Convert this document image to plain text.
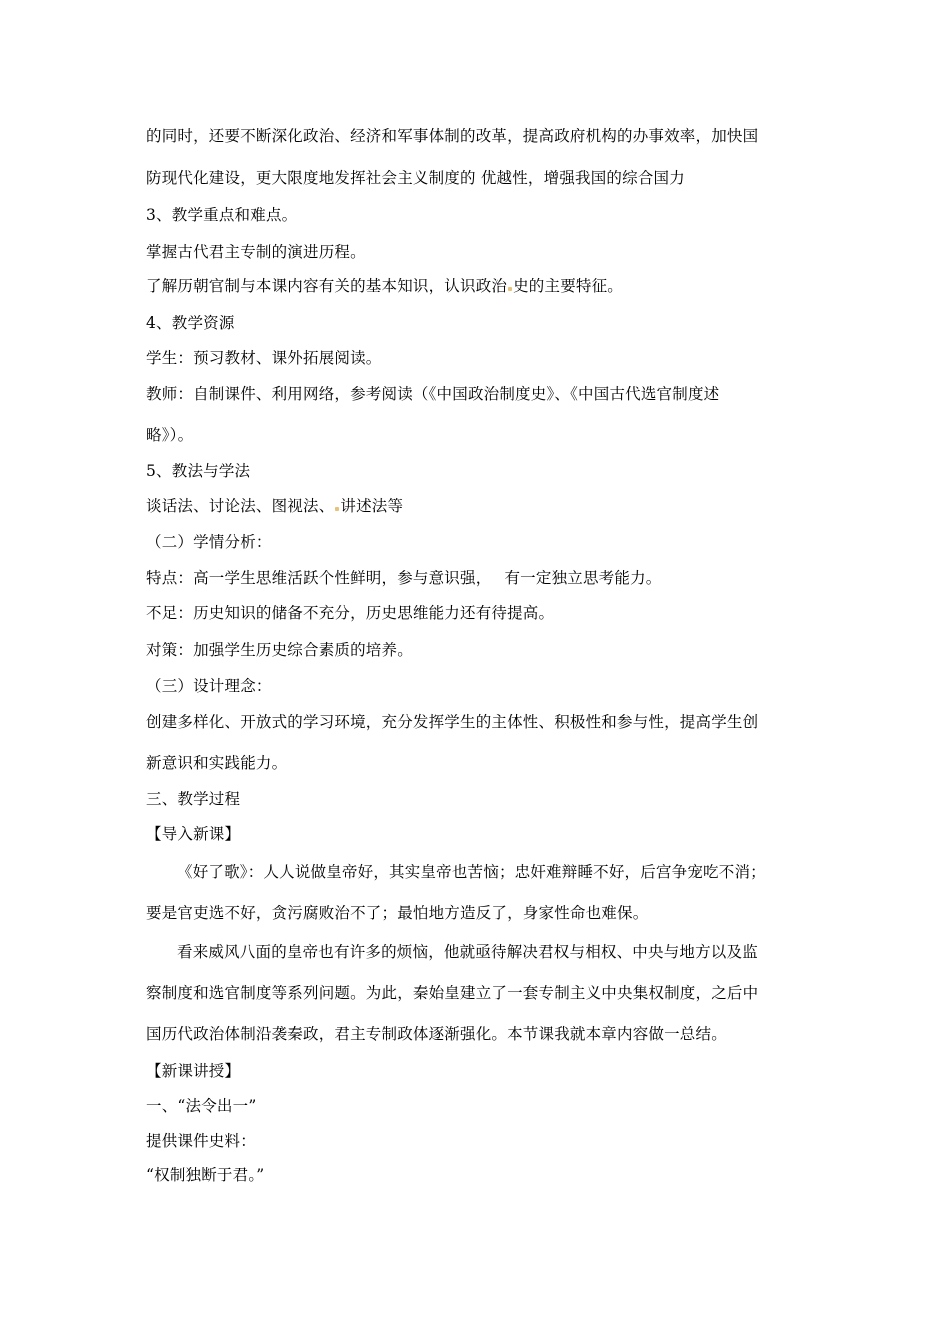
的同时，还要不断深化政治、经济和军事体制的改革，提高政府机构的办事效率，加快国
防现代化建设，更大限度地发挥社会主义制度的 优越性，增强我国的综合国力
3、教学重点和难点。
掌握古代君主专制的演进历程。
了解历朝官制与本课内容有关的基本知识，认识政治 史的主要特征。
4、教学资源
学生：预习教材、课外拓展阅读。
教师：自制课件、利用网络，参考阅读（《中国政治制度史》、《中国古代选官制度述
略》）。
5、教法与学法
谈话法、讨论法、图视法、 讲述法等
（二）学情分析：
特点：高一学生思维活跃个性鲜明，参与意识强，　 有一定独立思考能力。
不足：历史知识的储备不充分，历史思维能力还有待提高。
对策：加强学生历史综合素质的培养。
（三）设计理念：
创建多样化、开放式的学习环境，充分发挥学生的主体性、积极性和参与性，提高学生创
新意识和实践能力。
三、教学过程
【导入新课】
《好了歌》：人人说做皇帝好，其实皇帝也苦恼；忠奸难辩睡不好，后宫争宠吃不消；
要是官吏选不好，贪污腐败治不了；最怕地方造反了，身家性命也难保。
看来威风八面的皇帝也有许多的烦恼，他就亟待解决君权与相权、中央与地方以及监
察制度和选官制度等系列问题。为此，秦始皇建立了一套专制主义中央集权制度，之后中
国历代政治体制沿袭秦政，君主专制政体逐渐强化。本节课我就本章内容做一总结。
【新课讲授】
一、“法令出一”
提供课件史料：
“权制独断于君。”
